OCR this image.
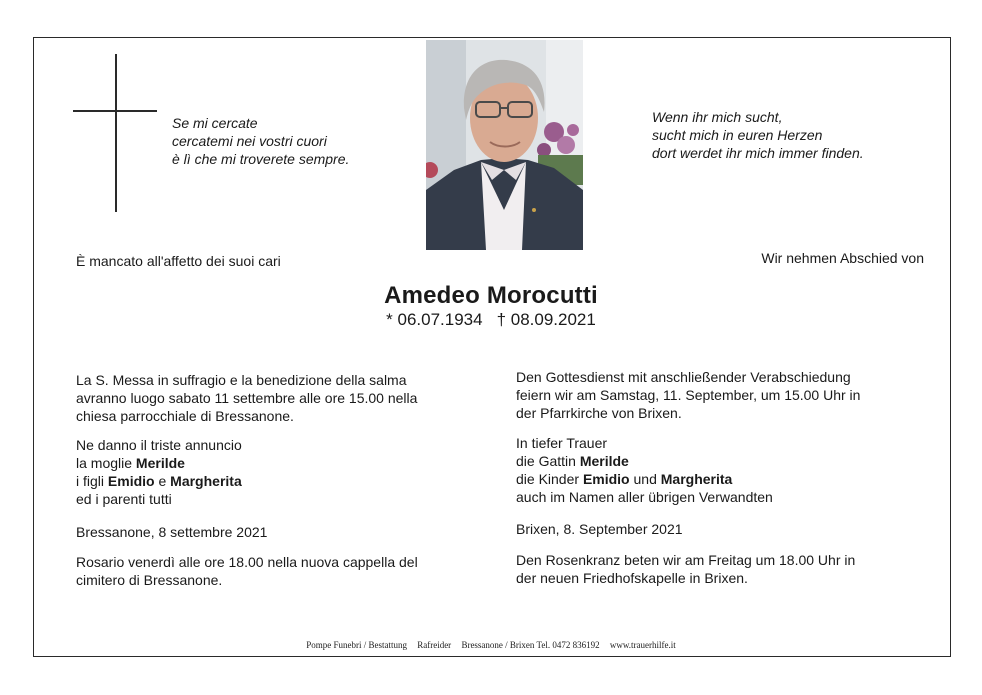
Se mi cercate
cercatemi nei vostri cuori
è lì che mi troverete sempre.
Wenn ihr mich sucht,
sucht mich in euren Herzen
dort werdet ihr mich immer finden.
È mancato all'affetto dei suoi cari	Wir nehmen Abschied von
Amedeo Morocutti
* 06.07.1934 † 08.09.2021
La S. Messa in suffragio e la benedizione della salma
avranno luogo sabato 11 settembre alle ore 15.00 nella
chiesa parrocchiale di Bressanone.
Ne danno il triste annuncio
la moglie Merilde
i figli Emidio e Margherita
ed i parenti tutti
Bressanone, 8 settembre 2021
Rosario venerdì alle ore 18.00 nella nuova cappella del
cimitero di Bressanone.
Den Gottesdienst mit anschließender Verabschiedung
feiern wir am Samstag, 11. September, um 15.00 Uhr in
der Pfarrkirche von Brixen.
In tiefer Trauer
die Gattin Merilde
die Kinder Emidio und Margherita
auch im Namen aller übrigen Verwandten
Brixen, 8. September 2021
Den Rosenkranz beten wir am Freitag um 18.00 Uhr in
der neuen Friedhofskapelle in Brixen.
Pompe Funebri / Bestattung Rafreider Bressanone / Brixen Tel. 0472 836192 www.trauerhilfe.it
